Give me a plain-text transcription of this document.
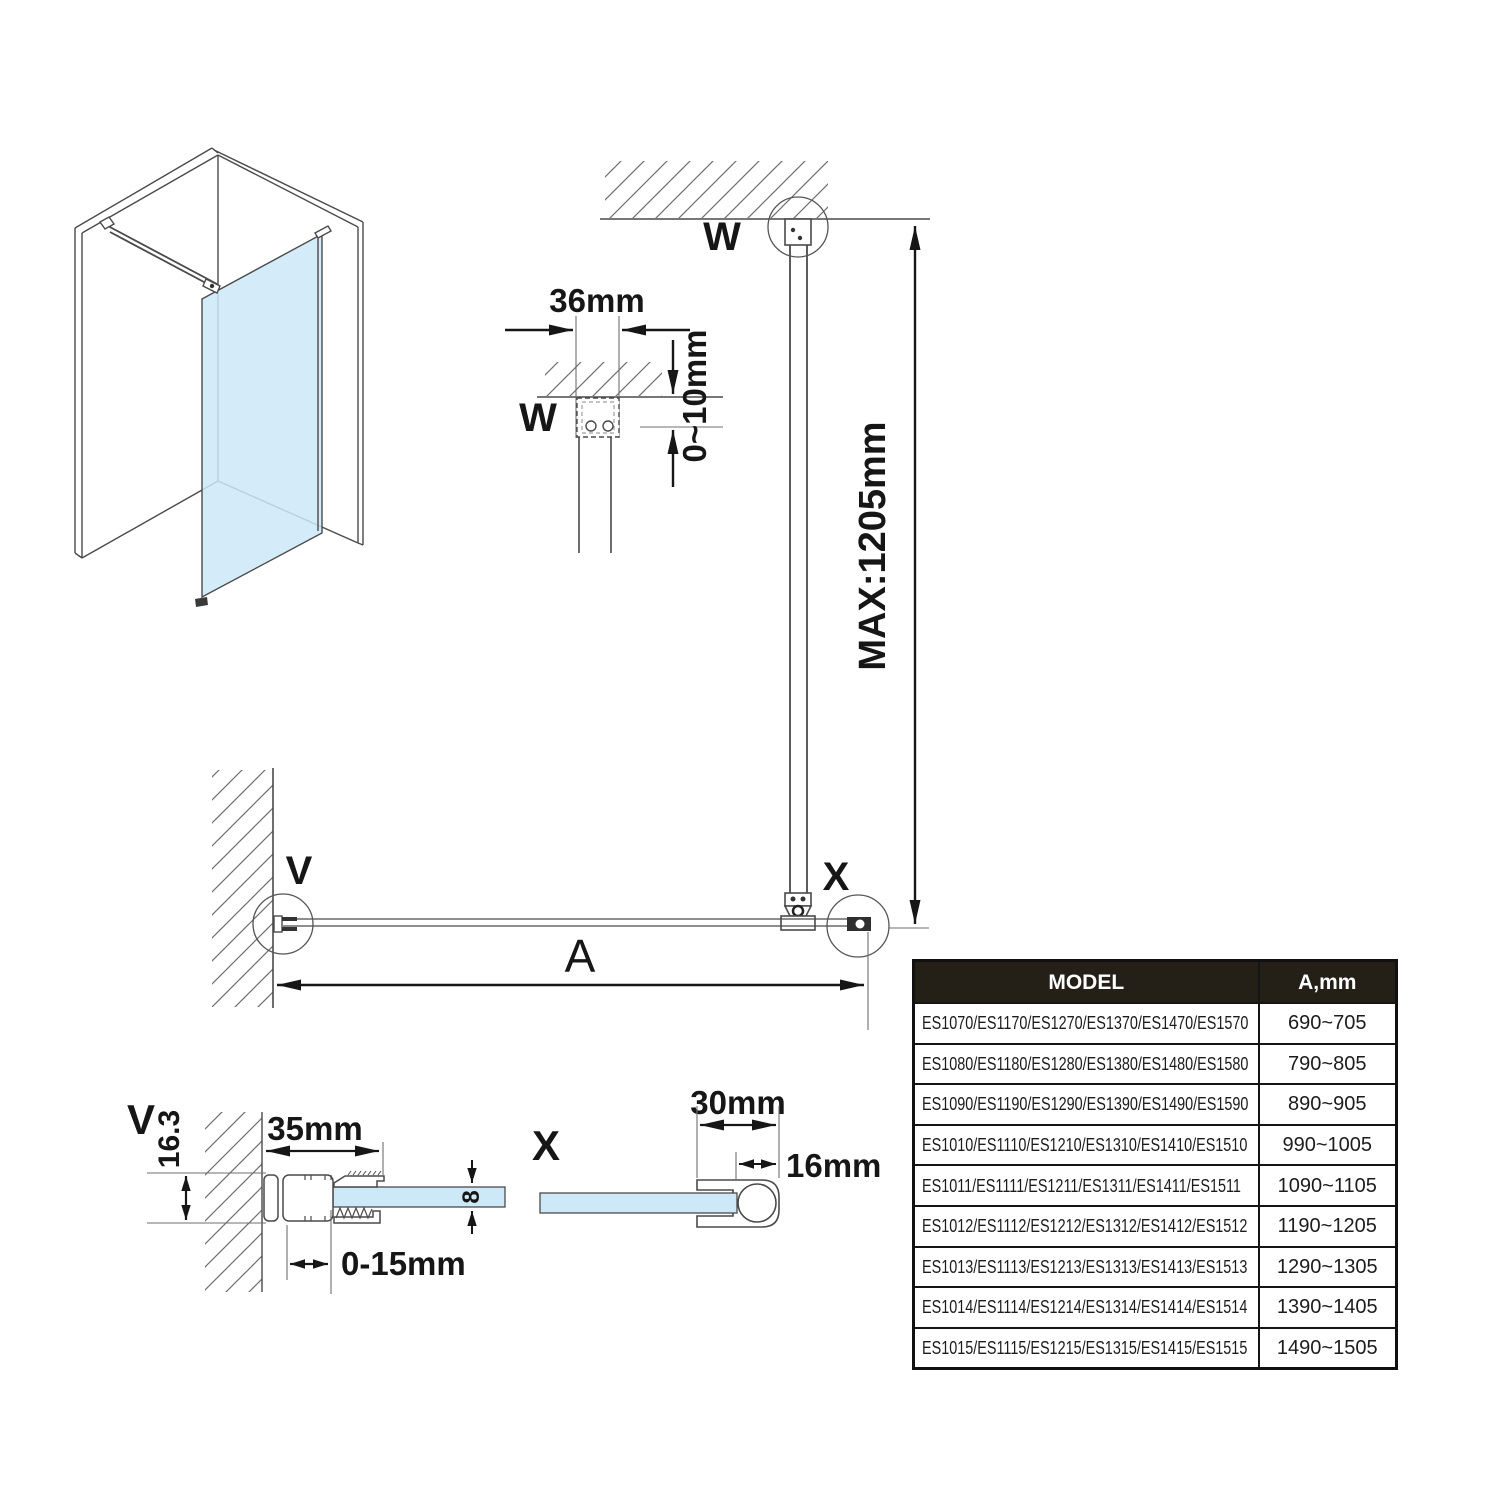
36mm
W	0~10mm
W
MAX:1205mm
V	X
A
V
16.3 35mm
8
0-15mm
X
30mm
16mm
MODEL	A,mm
ES1070/ES1170/ES1270/ES1370/ES1470/ES1570	690~705
ES1080/ES1180/ES1280/ES1380/ES1480/ES1580	790~805
ES1090/ES1190/ES1290/ES1390/ES1490/ES1590	890~905
ES1010/ES1110/ES1210/ES1310/ES1410/ES1510	990~1005
ES1011/ES1111/ES1211/ES1311/ES1411/ES1511	1090~1105
ES1012/ES1112/ES1212/ES1312/ES1412/ES1512	1190~1205
ES1013/ES1113/ES1213/ES1313/ES1413/ES1513	1290~1305
ES1014/ES1114/ES1214/ES1314/ES1414/ES1514	1390~1405
ES1015/ES1115/ES1215/ES1315/ES1415/ES1515	1490~1505
